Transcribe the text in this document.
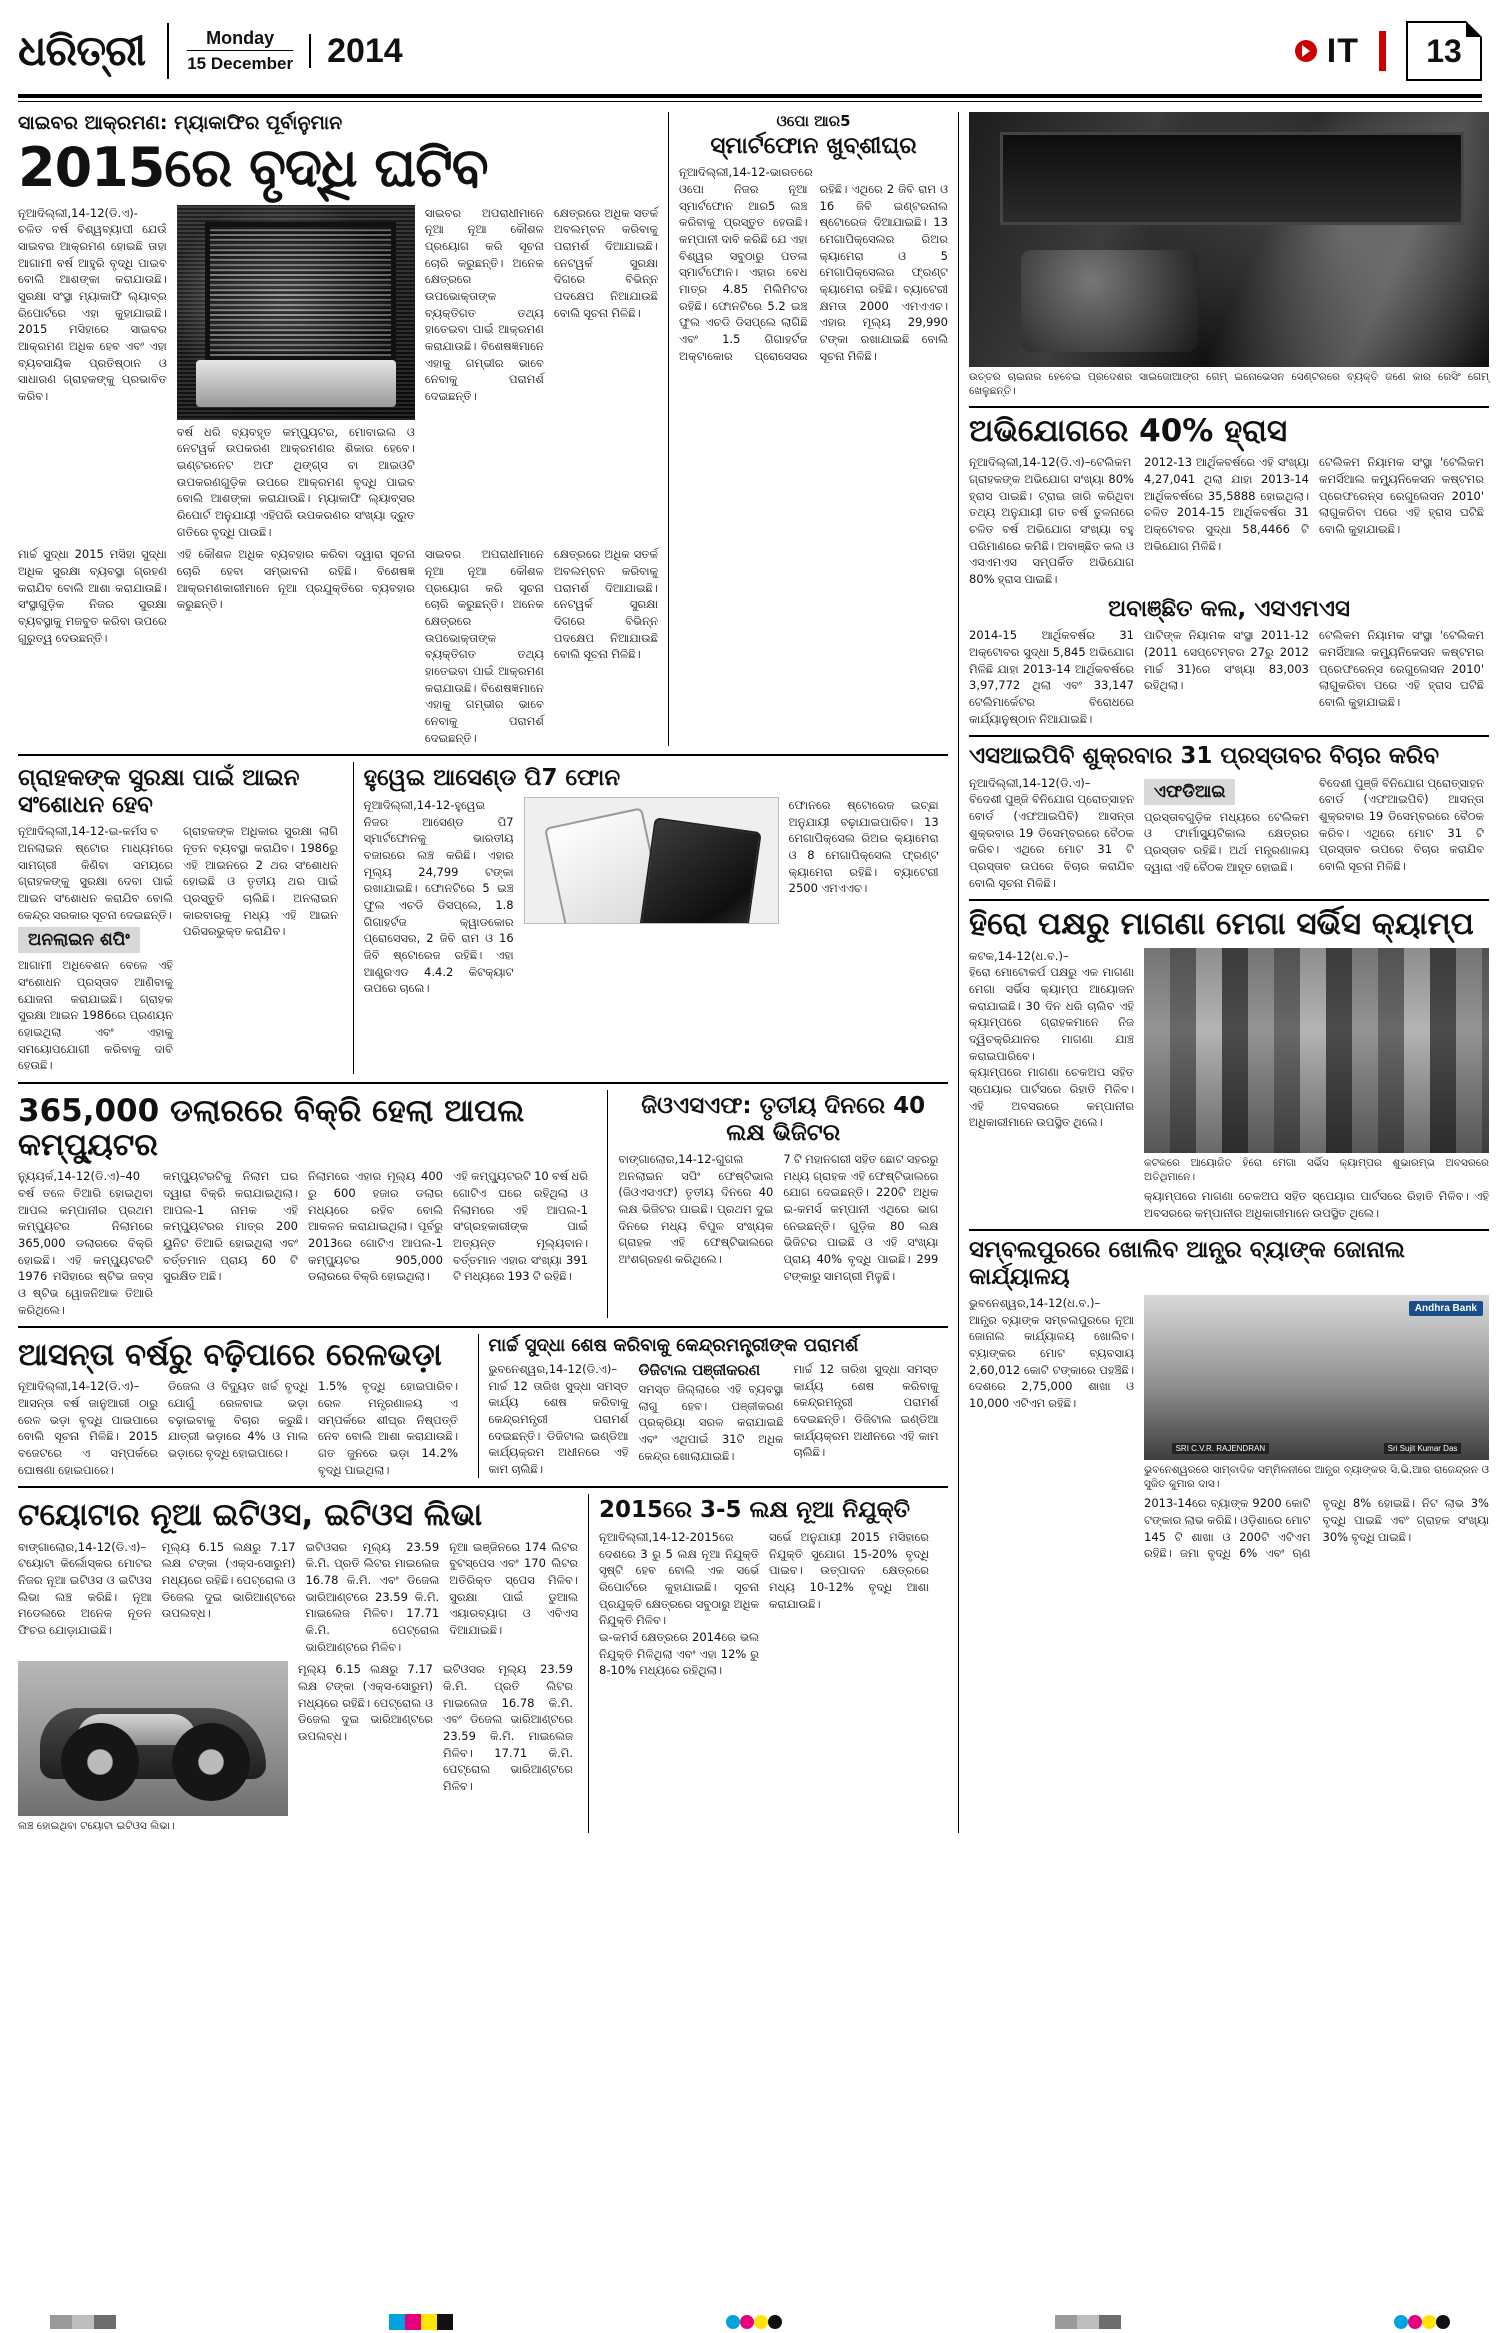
ଧରିତ୍ରୀ	Monday
15 December	2014	IT	13
ସାଇବର ଆକ୍ରମଣ: ମ୍ୟାକାଫିର ପୂର୍ବାନୁମାନ
2015ରେ ବୃଦ୍ଧି ଘଟିବ
ନୂଆଦିଲ୍ଲୀ,14-12(ଡି.ଏ)-
ଚଳିତ ବର୍ଷ ବିଶ୍ୱବ୍ୟାପୀ ଯେଉଁ ସାଇବର ଆକ୍ରମଣ ହୋଇଛି ତାହା ଆଗାମୀ ବର୍ଷ ଆହୁରି ବୃଦ୍ଧି ପାଇବ ବୋଲି ଆଶଙ୍କା କରାଯାଉଛି। ସୁରକ୍ଷା ସଂସ୍ଥା ମ୍ୟାକାଫି ଲ୍ୟାବ୍‌ର ରିପୋର୍ଟରେ ଏହା କୁହାଯାଇଛି। 2015 ମସିହାରେ ସାଇବର ଆକ୍ରମଣ ଅଧିକ ହେବ ଏବଂ ଏହା ବ୍ୟବସାୟିକ ପ୍ରତିଷ୍ଠାନ ଓ ସାଧାରଣ ଗ୍ରାହକଙ୍କୁ ପ୍ରଭାବିତ କରିବ।
ବର୍ଷ ଧରି ବ୍ୟବହୃତ କମ୍ପ୍ୟୁଟର, ମୋବାଇଲ ଓ ନେଟୱର୍କ ଉପକରଣ ଆକ୍ରମଣର ଶିକାର ହେବେ। ଇଣ୍ଟରନେଟ ଅଫ ଥିଙ୍ଗ୍‌ସ ବା ଆଇଓଟି ଉପକରଣଗୁଡ଼ିକ ଉପରେ ଆକ୍ରମଣ ବୃଦ୍ଧି ପାଇବ ବୋଲି ଆଶଙ୍କା କରାଯାଉଛି। ମ୍ୟାକାଫି ଲ୍ୟାବ୍‌ସର ରିପୋର୍ଟ ଅନୁଯାୟୀ ଏହିପରି ଉପକରଣର ସଂଖ୍ୟା ଦ୍ରୁତ ଗତିରେ ବୃଦ୍ଧି ପାଉଛି।
ସାଇବର ଅପରାଧୀମାନେ ନୂଆ ନୂଆ କୌଶଳ ପ୍ରୟୋଗ କରି ସୂଚନା ଚୋରି କରୁଛନ୍ତି। ଅନେକ କ୍ଷେତ୍ରରେ ଉପଭୋକ୍ତାଙ୍କ ବ୍ୟକ୍ତିଗତ ତଥ୍ୟ ହାତେଇବା ପାଇଁ ଆକ୍ରମଣ କରାଯାଉଛି। ବିଶେଷଜ୍ଞମାନେ ଏହାକୁ ଗମ୍ଭୀର ଭାବେ ନେବାକୁ ପରାମର୍ଶ ଦେଇଛନ୍ତି।
କ୍ଷେତ୍ରରେ ଅଧିକ ସତର୍କ ଅବଲମ୍ବନ କରିବାକୁ ପରାମର୍ଶ ଦିଆଯାଇଛି। ନେଟୱର୍କ ସୁରକ୍ଷା ଦିଗରେ ବିଭିନ୍ନ ପଦକ୍ଷେପ ନିଆଯାଉଛି ବୋଲି ସୂଚନା ମିଳିଛି।
ମାର୍ଚ୍ଚ ସୁଦ୍ଧା 2015 ମସିହା ସୁଦ୍ଧା ଅଧିକ ସୁରକ୍ଷା ବ୍ୟବସ୍ଥା ଗ୍ରହଣ କରାଯିବ ବୋଲି ଆଶା କରାଯାଉଛି। ସଂସ୍ଥାଗୁଡ଼ିକ ନିଜର ସୁରକ୍ଷା ବ୍ୟବସ୍ଥାକୁ ମଜବୁତ କରିବା ଉପରେ ଗୁରୁତ୍ୱ ଦେଉଛନ୍ତି।
ଏହି କୌଶଳ ଅଧିକ ବ୍ୟବହାର କରିବା ଦ୍ୱାରା ସୂଚନା ଚୋରି ହେବା ସମ୍ଭାବନା ରହିଛି। ବିଶେଷଜ୍ଞ ଆକ୍ରମଣକାରୀମାନେ ନୂଆ ପ୍ରଯୁକ୍ତିରେ ବ୍ୟବହାର କରୁଛନ୍ତି।
ସାଇବର ଅପରାଧୀମାନେ ନୂଆ ନୂଆ କୌଶଳ ପ୍ରୟୋଗ କରି ସୂଚନା ଚୋରି କରୁଛନ୍ତି। ଅନେକ କ୍ଷେତ୍ରରେ ଉପଭୋକ୍ତାଙ୍କ ବ୍ୟକ୍ତିଗତ ତଥ୍ୟ ହାତେଇବା ପାଇଁ ଆକ୍ରମଣ କରାଯାଉଛି। ବିଶେଷଜ୍ଞମାନେ ଏହାକୁ ଗମ୍ଭୀର ଭାବେ ନେବାକୁ ପରାମର୍ଶ ଦେଇଛନ୍ତି।
କ୍ଷେତ୍ରରେ ଅଧିକ ସତର୍କ ଅବଲମ୍ବନ କରିବାକୁ ପରାମର୍ଶ ଦିଆଯାଇଛି। ନେଟୱର୍କ ସୁରକ୍ଷା ଦିଗରେ ବିଭିନ୍ନ ପଦକ୍ଷେପ ନିଆଯାଉଛି ବୋଲି ସୂଚନା ମିଳିଛି।
ଓପୋ ଆର5
ସ୍ମାର୍ଟଫୋନ ଖୁବ୍‌ଶୀଘ୍ର
ନୂଆଦିଲ୍ଲୀ,14-12-ଭାରତରେ
ଓପୋ ନିଜର ନୂଆ ସ୍ମାର୍ଟଫୋନ ଆର5 ଲଞ୍ଚ କରିବାକୁ ପ୍ରସ୍ତୁତ ହେଉଛି। କମ୍ପାନୀ ଦାବି କରିଛି ଯେ ଏହା ବିଶ୍ୱର ସବୁଠାରୁ ପତଳା ସ୍ମାର୍ଟଫୋନ। ଏହାର ବେଧ ମାତ୍ର 4.85 ମିଲିମିଟର ରହିଛି। ଫୋନଟିରେ 5.2 ଇଞ୍ଚ ଫୁଲ ଏଚଡି ଡିସପ୍ଲେ ଲାଗିଛି ଏବଂ 1.5 ଗିଗାହର୍ଟଜ ଅକ୍ଟାକୋର ପ୍ରୋସେସର ରହିଛି। ଏଥିରେ 2 ଜିବି ରାମ ଓ 16 ଜିବି ଇଣ୍ଟରନାଲ ଷ୍ଟୋରେଜ ଦିଆଯାଇଛି। 13 ମେଗାପିକ୍ସେଲର ରିଅର କ୍ୟାମେରା ଓ 5 ମେଗାପିକ୍ସେଲର ଫ୍ରଣ୍ଟ କ୍ୟାମେରା ରହିଛି। ବ୍ୟାଟେରୀ କ୍ଷମତା 2000 ଏମଏଏଚ। ଏହାର ମୂଲ୍ୟ 29,990 ଟଙ୍କା ରଖାଯାଇଛି ବୋଲି ସୂଚନା ମିଳିଛି।
ଗ୍ରାହକଙ୍କ ସୁରକ୍ଷା ପାଇଁ ଆଇନ ସଂଶୋଧନ ହେବ
ନୂଆଦିଲ୍ଲୀ,14-12-ଇ-କର୍ମସ ବ
ଅନଲାଇନ ଷ୍ଟୋର ମାଧ୍ୟମରେ ସାମଗ୍ରୀ କିଣିବା ସମୟରେ ଗ୍ରାହକଙ୍କୁ ସୁରକ୍ଷା ଦେବା ପାଇଁ ଆଇନ ସଂଶୋଧନ କରାଯିବ ବୋଲି କେନ୍ଦ୍ର ସରକାର ସୂଚନା ଦେଇଛନ୍ତି।
ଅନଲାଇନ ଶପିଂ
ଆଗାମୀ ଅଧିବେଶନ ବେଳେ ଏହି ସଂଶୋଧନ ପ୍ରସ୍ତାବ ଆଣିବାକୁ ଯୋଜନା କରାଯାଇଛି। ଗ୍ରାହକ ସୁରକ୍ଷା ଆଇନ 1986ରେ ପ୍ରଣୟନ ହୋଇଥିଲା ଏବଂ ଏହାକୁ ସମୟୋପଯୋଗୀ କରିବାକୁ ଦାବି ହେଉଛି।
ଗ୍ରାହକଙ୍କ ଅଧିକାର ସୁରକ୍ଷା ଲାଗି ନୂତନ ବ୍ୟବସ୍ଥା କରାଯିବ। 1986ରୁ ଏହି ଆଇନରେ 2 ଥର ସଂଶୋଧନ ହୋଇଛି ଓ ତୃତୀୟ ଥର ପାଇଁ ପ୍ରସ୍ତୁତି ଚାଲିଛି। ଅନଲାଇନ କାରବାରକୁ ମଧ୍ୟ ଏହି ଆଇନ ପରିସରଭୁକ୍ତ କରାଯିବ।
ହୁୱେଇ ଆସେଣ୍ଡ ପି7 ଫୋନ
ନୂଆଦିଲ୍ଲୀ,14-12-ହୁୱେଇ
ନିଜର ଆସେଣ୍ଡ ପି7 ସ୍ମାର୍ଟଫୋନକୁ ଭାରତୀୟ ବଜାରରେ ଲଞ୍ଚ କରିଛି। ଏହାର ମୂଲ୍ୟ 24,799 ଟଙ୍କା ରଖାଯାଇଛି। ଫୋନଟିରେ 5 ଇଞ୍ଚ ଫୁଲ ଏଚଡି ଡିସପ୍ଲେ, 1.8 ଗିଗାହର୍ଟଜ କ୍ୱାଡକୋର ପ୍ରୋସେସର, 2 ଜିବି ରାମ ଓ 16 ଜିବି ଷ୍ଟୋରେଜ ରହିଛି। ଏହା ଆଣ୍ଡ୍ରଏଡ 4.4.2 କିଟକ୍ୟାଟ ଉପରେ ଚାଲେ।
ଫୋନରେ ଷ୍ଟୋରେଜ ଇଚ୍ଛା ଅନୁଯାୟୀ ବଢ଼ାଯାଇପାରିବ। 13 ମେଗାପିକ୍ସେଲ ରିଅର କ୍ୟାମେରା ଓ 8 ମେଗାପିକ୍ସେଲ ଫ୍ରଣ୍ଟ କ୍ୟାମେରା ରହିଛି। ବ୍ୟାଟେରୀ 2500 ଏମଏଏଚ।
365,000 ଡଲାରରେ ବିକ୍ରି ହେଲା ଆପଲ କମ୍ପ୍ୟୁଟର
ନ୍ୟୁୟର୍କ,14-12(ଡି.ଏ)–40
ବର୍ଷ ତଳେ ତିଆରି ହୋଇଥିବା ଆପଲ କମ୍ପାନୀର ପ୍ରଥମ କମ୍ପ୍ୟୁଟର ନିଲାମରେ 365,000 ଡଲାରରେ ବିକ୍ରି ହୋଇଛି। ଏହି କମ୍ପ୍ୟୁଟରଟି 1976 ମସିହାରେ ଷ୍ଟିଭ ଜବ୍ସ ଓ ଷ୍ଟିଭ ୱୋଜନିଆକ ତିଆରି କରିଥିଲେ।
କମ୍ପ୍ୟୁଟରଟିକୁ ନିଲାମ ଘର ଦ୍ୱାରା ବିକ୍ରି କରାଯାଇଥିଲା। ଆପଲ-1 ନାମକ ଏହି କମ୍ପ୍ୟୁଟରର ମାତ୍ର 200 ୟୁନିଟ ତିଆରି ହୋଇଥିଲା ଏବଂ ବର୍ତ୍ତମାନ ପ୍ରାୟ 60 ଟି ସୁରକ୍ଷିତ ଅଛି।
ନିଲାମରେ ଏହାର ମୂଲ୍ୟ 400 ରୁ 600 ହଜାର ଡଲାର ମଧ୍ୟରେ ରହିବ ବୋଲି ଆକଳନ କରାଯାଇଥିଲା। ପୂର୍ବରୁ 2013ରେ ଗୋଟିଏ ଆପଲ-1 କମ୍ପ୍ୟୁଟର 905,000 ଡଲାରରେ ବିକ୍ରି ହୋଇଥିଲା।
ଏହି କମ୍ପ୍ୟୁଟରଟି 10 ବର୍ଷ ଧରି ଗୋଟିଏ ଘରେ ରହିଥିଲା ଓ ନିଲାମରେ ଏହି ଆପଲ-1 ସଂଗ୍ରହକାରୀଙ୍କ ପାଇଁ ଅତ୍ୟନ୍ତ ମୂଲ୍ୟବାନ। ବର୍ତ୍ତମାନ ଏହାର ସଂଖ୍ୟା 391 ଟି ମଧ୍ୟରେ 193 ଟି ରହିଛି।
ଜିଓଏସଏଫ: ତୃତୀୟ ଦିନରେ 40 ଲକ୍ଷ ଭିଜିଟର
ବାଙ୍ଗାଲୋର,14-12-ଗୁଗଲ
ଅନଲାଇନ ସପିଂ ଫେଷ୍ଟିଭାଲ (ଜିଓଏସଏଫ) ତୃତୀୟ ଦିନରେ 40 ଲକ୍ଷ ଭିଜିଟର ପାଇଛି। ପ୍ରଥମ ଦୁଇ ଦିନରେ ମଧ୍ୟ ବିପୁଳ ସଂଖ୍ୟକ ଗ୍ରାହକ ଏହି ଫେଷ୍ଟିଭାଲରେ ଅଂଶଗ୍ରହଣ କରିଥିଲେ।
7 ଟି ମହାନଗରୀ ସହିତ ଛୋଟ ସହରରୁ ମଧ୍ୟ ଗ୍ରାହକ ଏହି ଫେଷ୍ଟିଭାଲରେ ଯୋଗ ଦେଇଛନ୍ତି। 220ଟି ଅଧିକ ଇ-କମର୍ସ କମ୍ପାନୀ ଏଥିରେ ଭାଗ ନେଇଛନ୍ତି। ଗୁଡ଼ିକ 80 ଲକ୍ଷ ଭିଜିଟର ପାଇଛି ଓ ଏହି ସଂଖ୍ୟା ପ୍ରାୟ 40% ବୃଦ୍ଧି ପାଇଛି। 299 ଟଙ୍କାରୁ ସାମଗ୍ରୀ ମିଳୁଛି।
ଆସନ୍ତା ବର୍ଷରୁ ବଢ଼ିପାରେ ରେଳଭଡ଼ା
ନୂଆଦିଲ୍ଲୀ,14-12(ଡି.ଏ)–
ଆସନ୍ତା ବର୍ଷ ଜାନୁଆରୀ ଠାରୁ ରେଳ ଭଡ଼ା ବୃଦ୍ଧି ପାଇପାରେ ବୋଲି ସୂଚନା ମିଳିଛି। 2015 ବଜେଟରେ ଏ ସମ୍ପର୍କରେ ଘୋଷଣା ହୋଇପାରେ।
ଡିଜେଲ ଓ ବିଦ୍ୟୁତ ଖର୍ଚ୍ଚ ବୃଦ୍ଧି ଯୋଗୁଁ ରେଳବାଇ ଭଡ଼ା ବଢ଼ାଇବାକୁ ବିଚାର କରୁଛି। ଯାତ୍ରୀ ଭଡ଼ାରେ 4% ଓ ମାଲ ଭଡ଼ାରେ ବୃଦ୍ଧି ହୋଇପାରେ।
1.5% ବୃଦ୍ଧି ହୋଇପାରିବ। ରେଳ ମନ୍ତ୍ରଣାଳୟ ଏ ସମ୍ପର୍କରେ ଶୀଘ୍ର ନିଷ୍ପତ୍ତି ନେବ ବୋଲି ଆଶା କରାଯାଉଛି। ଗତ ଜୁନରେ ଭଡ଼ା 14.2% ବୃଦ୍ଧି ପାଇଥିଲା।
ମାର୍ଚ୍ଚ ସୁଦ୍ଧା ଶେଷ କରିବାକୁ କେନ୍ଦ୍ରମନ୍ତ୍ରୀଙ୍କ ପରାମର୍ଶ
ଭୁବନେଶ୍ୱର,14-12(ଡି.ଏ)–
ମାର୍ଚ୍ଚ 12 ତାରିଖ ସୁଦ୍ଧା ସମସ୍ତ କାର୍ଯ୍ୟ ଶେଷ କରିବାକୁ କେନ୍ଦ୍ରମନ୍ତ୍ରୀ ପରାମର୍ଶ ଦେଇଛନ୍ତି। ଡିଜିଟାଲ ଇଣ୍ଡିଆ କାର୍ଯ୍ୟକ୍ରମ ଅଧୀନରେ ଏହି କାମ ଚାଲିଛି।
ଡିଜିଟାଲ ପଞ୍ଜୀକରଣ
ସମସ୍ତ ଜିଲ୍ଲାରେ ଏହି ବ୍ୟବସ୍ଥା ଲାଗୁ ହେବ। ପଞ୍ଜୀକରଣ ପ୍ରକ୍ରିୟା ସରଳ କରାଯାଇଛି ଏବଂ ଏଥିପାଇଁ 31ଟି ଅଧିକ କେନ୍ଦ୍ର ଖୋଲାଯାଇଛି।
ମାର୍ଚ୍ଚ 12 ତାରିଖ ସୁଦ୍ଧା ସମସ୍ତ କାର୍ଯ୍ୟ ଶେଷ କରିବାକୁ କେନ୍ଦ୍ରମନ୍ତ୍ରୀ ପରାମର୍ଶ ଦେଇଛନ୍ତି। ଡିଜିଟାଲ ଇଣ୍ଡିଆ କାର୍ଯ୍ୟକ୍ରମ ଅଧୀନରେ ଏହି କାମ ଚାଲିଛି।
ଟୟୋଟାର ନୂଆ ଇଟିଓସ, ଇଟିଓସ ଲିଭା
ବାଙ୍ଗାଲୋର,14-12(ଡି.ଏ)–
ଟୟୋଟା କିର୍ଲୋସ୍କର ମୋଟର ନିଜର ନୂଆ ଇଟିଓସ ଓ ଇଟିଓସ ଲିଭା ଲଞ୍ଚ କରିଛି। ନୂଆ ମଡେଲରେ ଅନେକ ନୂତନ ଫିଚର ଯୋଡ଼ାଯାଇଛି।
ମୂଲ୍ୟ 6.15 ଲକ୍ଷରୁ 7.17 ଲକ୍ଷ ଟଙ୍କା (ଏକ୍ସ-ସୋରୁମ) ମଧ୍ୟରେ ରହିଛି। ପେଟ୍ରୋଲ ଓ ଡିଜେଲ ଦୁଇ ଭାରିଆଣ୍ଟରେ ଉପଲବ୍ଧ।
ଇଟିଓସର ମୂଲ୍ୟ 23.59 କି.ମି. ପ୍ରତି ଲିଟର ମାଇଲେଜ 16.78 କି.ମି. ଏବଂ ଡିଜେଲ ଭାରିଆଣ୍ଟରେ 23.59 କି.ମି. ମାଇଲେଜ ମିଳିବ। 17.71 କି.ମି. ପେଟ୍ରୋଲ ଭାରିଆଣ୍ଟରେ ମିଳିବ।
ନୂଆ ଇଞ୍ଜିନରେ 174 ଲିଟର ବୁଟସ୍ପେସ ଏବଂ 170 ଲିଟର ଅତିରିକ୍ତ ସ୍ପେସ ମିଳିବ। ସୁରକ୍ଷା ପାଇଁ ଡୁଆଲ ଏୟାରବ୍ୟାଗ ଓ ଏବିଏସ ଦିଆଯାଇଛି।
ଲଞ୍ଚ ହୋଇଥିବା ଟୟୋଟା ଇଟିଓସ ଲିଭା।
ମୂଲ୍ୟ 6.15 ଲକ୍ଷରୁ 7.17 ଲକ୍ଷ ଟଙ୍କା (ଏକ୍ସ-ସୋରୁମ) ମଧ୍ୟରେ ରହିଛି। ପେଟ୍ରୋଲ ଓ ଡିଜେଲ ଦୁଇ ଭାରିଆଣ୍ଟରେ ଉପଲବ୍ଧ।
ଇଟିଓସର ମୂଲ୍ୟ 23.59 କି.ମି. ପ୍ରତି ଲିଟର ମାଇଲେଜ 16.78 କି.ମି. ଏବଂ ଡିଜେଲ ଭାରିଆଣ୍ଟରେ 23.59 କି.ମି. ମାଇଲେଜ ମିଳିବ। 17.71 କି.ମି. ପେଟ୍ରୋଲ ଭାରିଆଣ୍ଟରେ ମିଳିବ।
2015ରେ 3-5 ଲକ୍ଷ ନୂଆ ନିଯୁକ୍ତି
ନୂଆଦିଲ୍ଲୀ,14-12-2015ରେ
ଦେଶରେ 3 ରୁ 5 ଲକ୍ଷ ନୂଆ ନିଯୁକ୍ତି ସୃଷ୍ଟି ହେବ ବୋଲି ଏକ ସର୍ଭେ ରିପୋର୍ଟରେ କୁହାଯାଇଛି। ସୂଚନା ପ୍ରଯୁକ୍ତି କ୍ଷେତ୍ରରେ ସବୁଠାରୁ ଅଧିକ ନିଯୁକ୍ତି ମିଳିବ।
ଇ-କମର୍ସ କ୍ଷେତ୍ରରେ 2014ରେ ଭଲ ନିଯୁକ୍ତି ମିଳିଥିଲା ଏବଂ ଏହା 12% ରୁ 8-10% ମଧ୍ୟରେ ରହିଥିଲା।
ସର୍ଭେ ଅନୁଯାୟୀ 2015 ମସିହାରେ ନିଯୁକ୍ତି ସୁଯୋଗ 15-20% ବୃଦ୍ଧି ପାଇବ। ଉତ୍ପାଦନ କ୍ଷେତ୍ରରେ ମଧ୍ୟ 10-12% ବୃଦ୍ଧି ଆଶା କରାଯାଉଛି।
ଉତ୍ତର ଚାଇନାର ହେବେଇ ପ୍ରଦେଶର ସାଇଜୋଆଙ୍ଗ ଗେମ୍ ଇନୋଭେସନ ସେଣ୍ଟରରେ ବ୍ୟକ୍ତି ଜଣେ କାର ରେସିଂ ଗେମ୍ ଖେଳୁଛନ୍ତି।
ଅଭିଯୋଗରେ 40% ହ୍ରାସ
ନୂଆଦିଲ୍ଲୀ,14-12(ଡି.ଏ)–ଟେଲିକମ
ଗ୍ରାହକଙ୍କ ଅଭିଯୋଗ ସଂଖ୍ୟା 80% ହ୍ରାସ ପାଇଛି। ଟ୍ରାଇ ଜାରି କରିଥିବା ତଥ୍ୟ ଅନୁଯାୟୀ ଗତ ବର୍ଷ ତୁଳନାରେ ଚଳିତ ବର୍ଷ ଅଭିଯୋଗ ସଂଖ୍ୟା ବହୁ ପରିମାଣରେ କମିଛି। ଅବାଞ୍ଛିତ କଲ ଓ ଏସଏମଏସ ସମ୍ପର୍କିତ ଅଭିଯୋଗ 80% ହ୍ରାସ ପାଇଛି।
2012-13 ଆର୍ଥିକବର୍ଷରେ ଏହି ସଂଖ୍ୟା 4,27,041 ଥିଲା ଯାହା 2013-14 ଆର୍ଥିକବର୍ଷରେ 35,5888 ହୋଇଥିଲା। ଚଳିତ 2014-15 ଆର୍ଥିକବର୍ଷର 31 ଅକ୍ଟୋବର ସୁଦ୍ଧା 58,4466 ଟି ଅଭିଯୋଗ ମିଳିଛି।
ଟେଲିକମ ନିୟାମକ ସଂସ୍ଥା 'ଟେଲିକମ କମର୍ସିଆଲ କମ୍ୟୁନିକେସନ କଷ୍ଟମର ପ୍ରେଫରେନ୍ସ ରେଗୁଲେସନ 2010' ଲାଗୁକରିବା ପରେ ଏହି ହ୍ରାସ ଘଟିଛି ବୋଲି କୁହାଯାଇଛି।
ଅବାଞ୍ଛିତ କଲ, ଏସଏମଏସ
2014-15 ଆର୍ଥିକବର୍ଷର 31 ଅକ୍ଟୋବର ସୁଦ୍ଧା 5,845 ଅଭିଯୋଗ ମିଳିଛି ଯାହା 2013-14 ଆର୍ଥିକବର୍ଷରେ 3,97,772 ଥିଲା ଏବଂ 33,147 ଟେଲିମାର୍କେଟର ବିରୋଧରେ କାର୍ଯ୍ୟାନୁଷ୍ଠାନ ନିଆଯାଇଛି।
ପାଟିଙ୍କ ନିୟାମକ ସଂସ୍ଥା 2011-12 (2011 ସେପ୍ଟେମ୍ବର 27ରୁ 2012 ମାର୍ଚ୍ଚ 31)ରେ ସଂଖ୍ୟା 83,003 ରହିଥିଲା।
ଟେଲିକମ ନିୟାମକ ସଂସ୍ଥା 'ଟେଲିକମ କମର୍ସିଆଲ କମ୍ୟୁନିକେସନ କଷ୍ଟମର ପ୍ରେଫରେନ୍ସ ରେଗୁଲେସନ 2010' ଲାଗୁକରିବା ପରେ ଏହି ହ୍ରାସ ଘଟିଛି ବୋଲି କୁହାଯାଇଛି।
ଏସଆଇପିବି ଶୁକ୍ରବାର 31 ପ୍ରସ୍ତାବର ବିଚାର କରିବ
ନୂଆଦିଲ୍ଲୀ,14-12(ଡି.ଏ)–
ବିଦେଶୀ ପୁଞ୍ଜି ବିନିଯୋଗ ପ୍ରୋତ୍ସାହନ ବୋର୍ଡ (ଏଫଆଇପିବି) ଆସନ୍ତା ଶୁକ୍ରବାର 19 ଡିସେମ୍ବରରେ ବୈଠକ କରିବ। ଏଥିରେ ମୋଟ 31 ଟି ପ୍ରସ୍ତାବ ଉପରେ ବିଚାର କରାଯିବ ବୋଲି ସୂଚନା ମିଳିଛି।
ଏଫଡିଆଇ
ପ୍ରସ୍ତାବଗୁଡ଼ିକ ମଧ୍ୟରେ ଟେଲିକମ ଓ ଫାର୍ମାସ୍ୟୁଟିକାଲ କ୍ଷେତ୍ରର ପ୍ରସ୍ତାବ ରହିଛି। ଅର୍ଥ ମନ୍ତ୍ରଣାଳୟ ଦ୍ୱାରା ଏହି ବୈଠକ ଆହୂତ ହୋଇଛି।
ବିଦେଶୀ ପୁଞ୍ଜି ବିନିଯୋଗ ପ୍ରୋତ୍ସାହନ ବୋର୍ଡ (ଏଫଆଇପିବି) ଆସନ୍ତା ଶୁକ୍ରବାର 19 ଡିସେମ୍ବରରେ ବୈଠକ କରିବ। ଏଥିରେ ମୋଟ 31 ଟି ପ୍ରସ୍ତାବ ଉପରେ ବିଚାର କରାଯିବ ବୋଲି ସୂଚନା ମିଳିଛି।
ହିରୋ ପକ୍ଷରୁ ମାଗଣା ମେଗା ସର୍ଭିସ କ୍ୟାମ୍ପ
କଟକ,14-12(ଧ.ବ.)–
ହିରୋ ମୋଟୋକର୍ପ ପକ୍ଷରୁ ଏକ ମାଗଣା ମେଗା ସର୍ଭିସ କ୍ୟାମ୍ପ ଆୟୋଜନ କରାଯାଇଛି। 30 ଦିନ ଧରି ଚାଲିବ ଏହି କ୍ୟାମ୍ପରେ ଗ୍ରାହକମାନେ ନିଜ ଦ୍ୱିଚକ୍ରିଯାନର ମାଗଣା ଯାଞ୍ଚ କରାଇପାରିବେ।
କ୍ୟାମ୍ପରେ ମାଗଣା ଚେକଅପ ସହିତ ସ୍ପେୟାର ପାର୍ଟସରେ ରିହାତି ମିଳିବ। ଏହି ଅବସରରେ କମ୍ପାନୀର ଅଧିକାରୀମାନେ ଉପସ୍ଥିତ ଥିଲେ।
କଟକରେ ଆୟୋଜିତ ହିରୋ ମେଗା ସର୍ଭିସ କ୍ୟାମ୍ପର ଶୁଭାରମ୍ଭ ଅବସରରେ ଅତିଥିମାନେ।
କ୍ୟାମ୍ପରେ ମାଗଣା ଚେକଅପ ସହିତ ସ୍ପେୟାର ପାର୍ଟସରେ ରିହାତି ମିଳିବ। ଏହି ଅବସରରେ କମ୍ପାନୀର ଅଧିକାରୀମାନେ ଉପସ୍ଥିତ ଥିଲେ।
ସମ୍ବଲପୁରରେ ଖୋଲିବ ଆନ୍ଧ୍ର ବ୍ୟାଙ୍କ ଜୋନାଲ କାର୍ଯ୍ୟାଳୟ
ଭୁବନେଶ୍ୱର,14-12(ଧ.ବ.)–
ଆନ୍ଧ୍ର ବ୍ୟାଙ୍କ ସମ୍ବଲପୁରରେ ନୂଆ ଜୋନାଲ କାର୍ଯ୍ୟାଳୟ ଖୋଲିବ। ବ୍ୟାଙ୍କର ମୋଟ ବ୍ୟବସାୟ 2,60,012 କୋଟି ଟଙ୍କାରେ ପହଞ୍ଚିଛି। ଦେଶରେ 2,75,000 ଶାଖା ଓ 10,000 ଏଟିଏମ ରହିଛି।
Andhra Bank
SRI C.V.R. RAJENDRAN	Sri Sujit Kumar Das
ଭୁବନେଶ୍ୱରରେ ସାମ୍ବାଦିକ ସମ୍ମିଳନୀରେ ଆନ୍ଧ୍ର ବ୍ୟାଙ୍କର ସି.ଭି.ଆର ରାଜେନ୍ଦ୍ରନ ଓ ସୁଜିତ କୁମାର ଦାସ।
2013-14ରେ ବ୍ୟାଙ୍କ 9200 କୋଟି ଟଙ୍କାର ଲାଭ କରିଛି। ଓଡ଼ିଶାରେ ମୋଟ 145 ଟି ଶାଖା ଓ 200ଟି ଏଟିଏମ ରହିଛି। ଜମା ବୃଦ୍ଧି 6% ଏବଂ ଋଣ ବୃଦ୍ଧି 8% ହୋଇଛି। ନିଟ ଲାଭ 3% ବୃଦ୍ଧି ପାଇଛି ଏବଂ ଗ୍ରାହକ ସଂଖ୍ୟା 30% ବୃଦ୍ଧି ପାଇଛି।
